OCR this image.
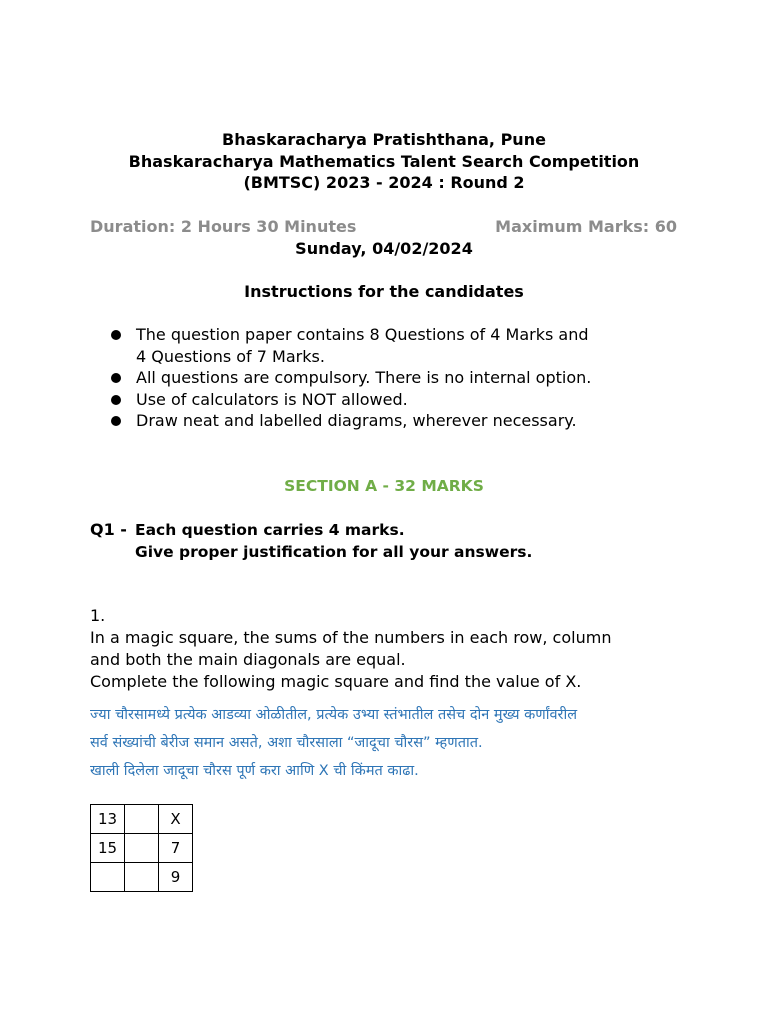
Bhaskaracharya Pratishthana, Pune
Bhaskaracharya Mathematics Talent Search Competition
(BMTSC) 2023 - 2024 : Round 2
Duration: 2 Hours 30 Minutes	Maximum Marks: 60
Sunday, 04/02/2024
Instructions for the candidates
The question paper contains 8 Questions of 4 Marks and
4 Questions of 7 Marks.
All questions are compulsory. There is no internal option.
Use of calculators is NOT allowed.
Draw neat and labelled diagrams, wherever necessary.
SECTION A - 32 MARKS
Q1 - Each question carries 4 marks.
Give proper justification for all your answers.
1.
In a magic square, the sums of the numbers in each row, column
and both the main diagonals are equal.
Complete the following magic square and find the value of X.
ज्या चौरसामध्ये प्रत्येक आडव्या ओळीतील, प्रत्येक उभ्या स्तंभातील तसेच दोन मुख्य कर्णांवरील
सर्व संख्यांची बेरीज समान असते, अशा चौरसाला “जादूचा चौरस” म्हणतात.
खाली दिलेला जादूचा चौरस पूर्ण करा आणि X ची किंमत काढा.
13		X
15		7
		9
